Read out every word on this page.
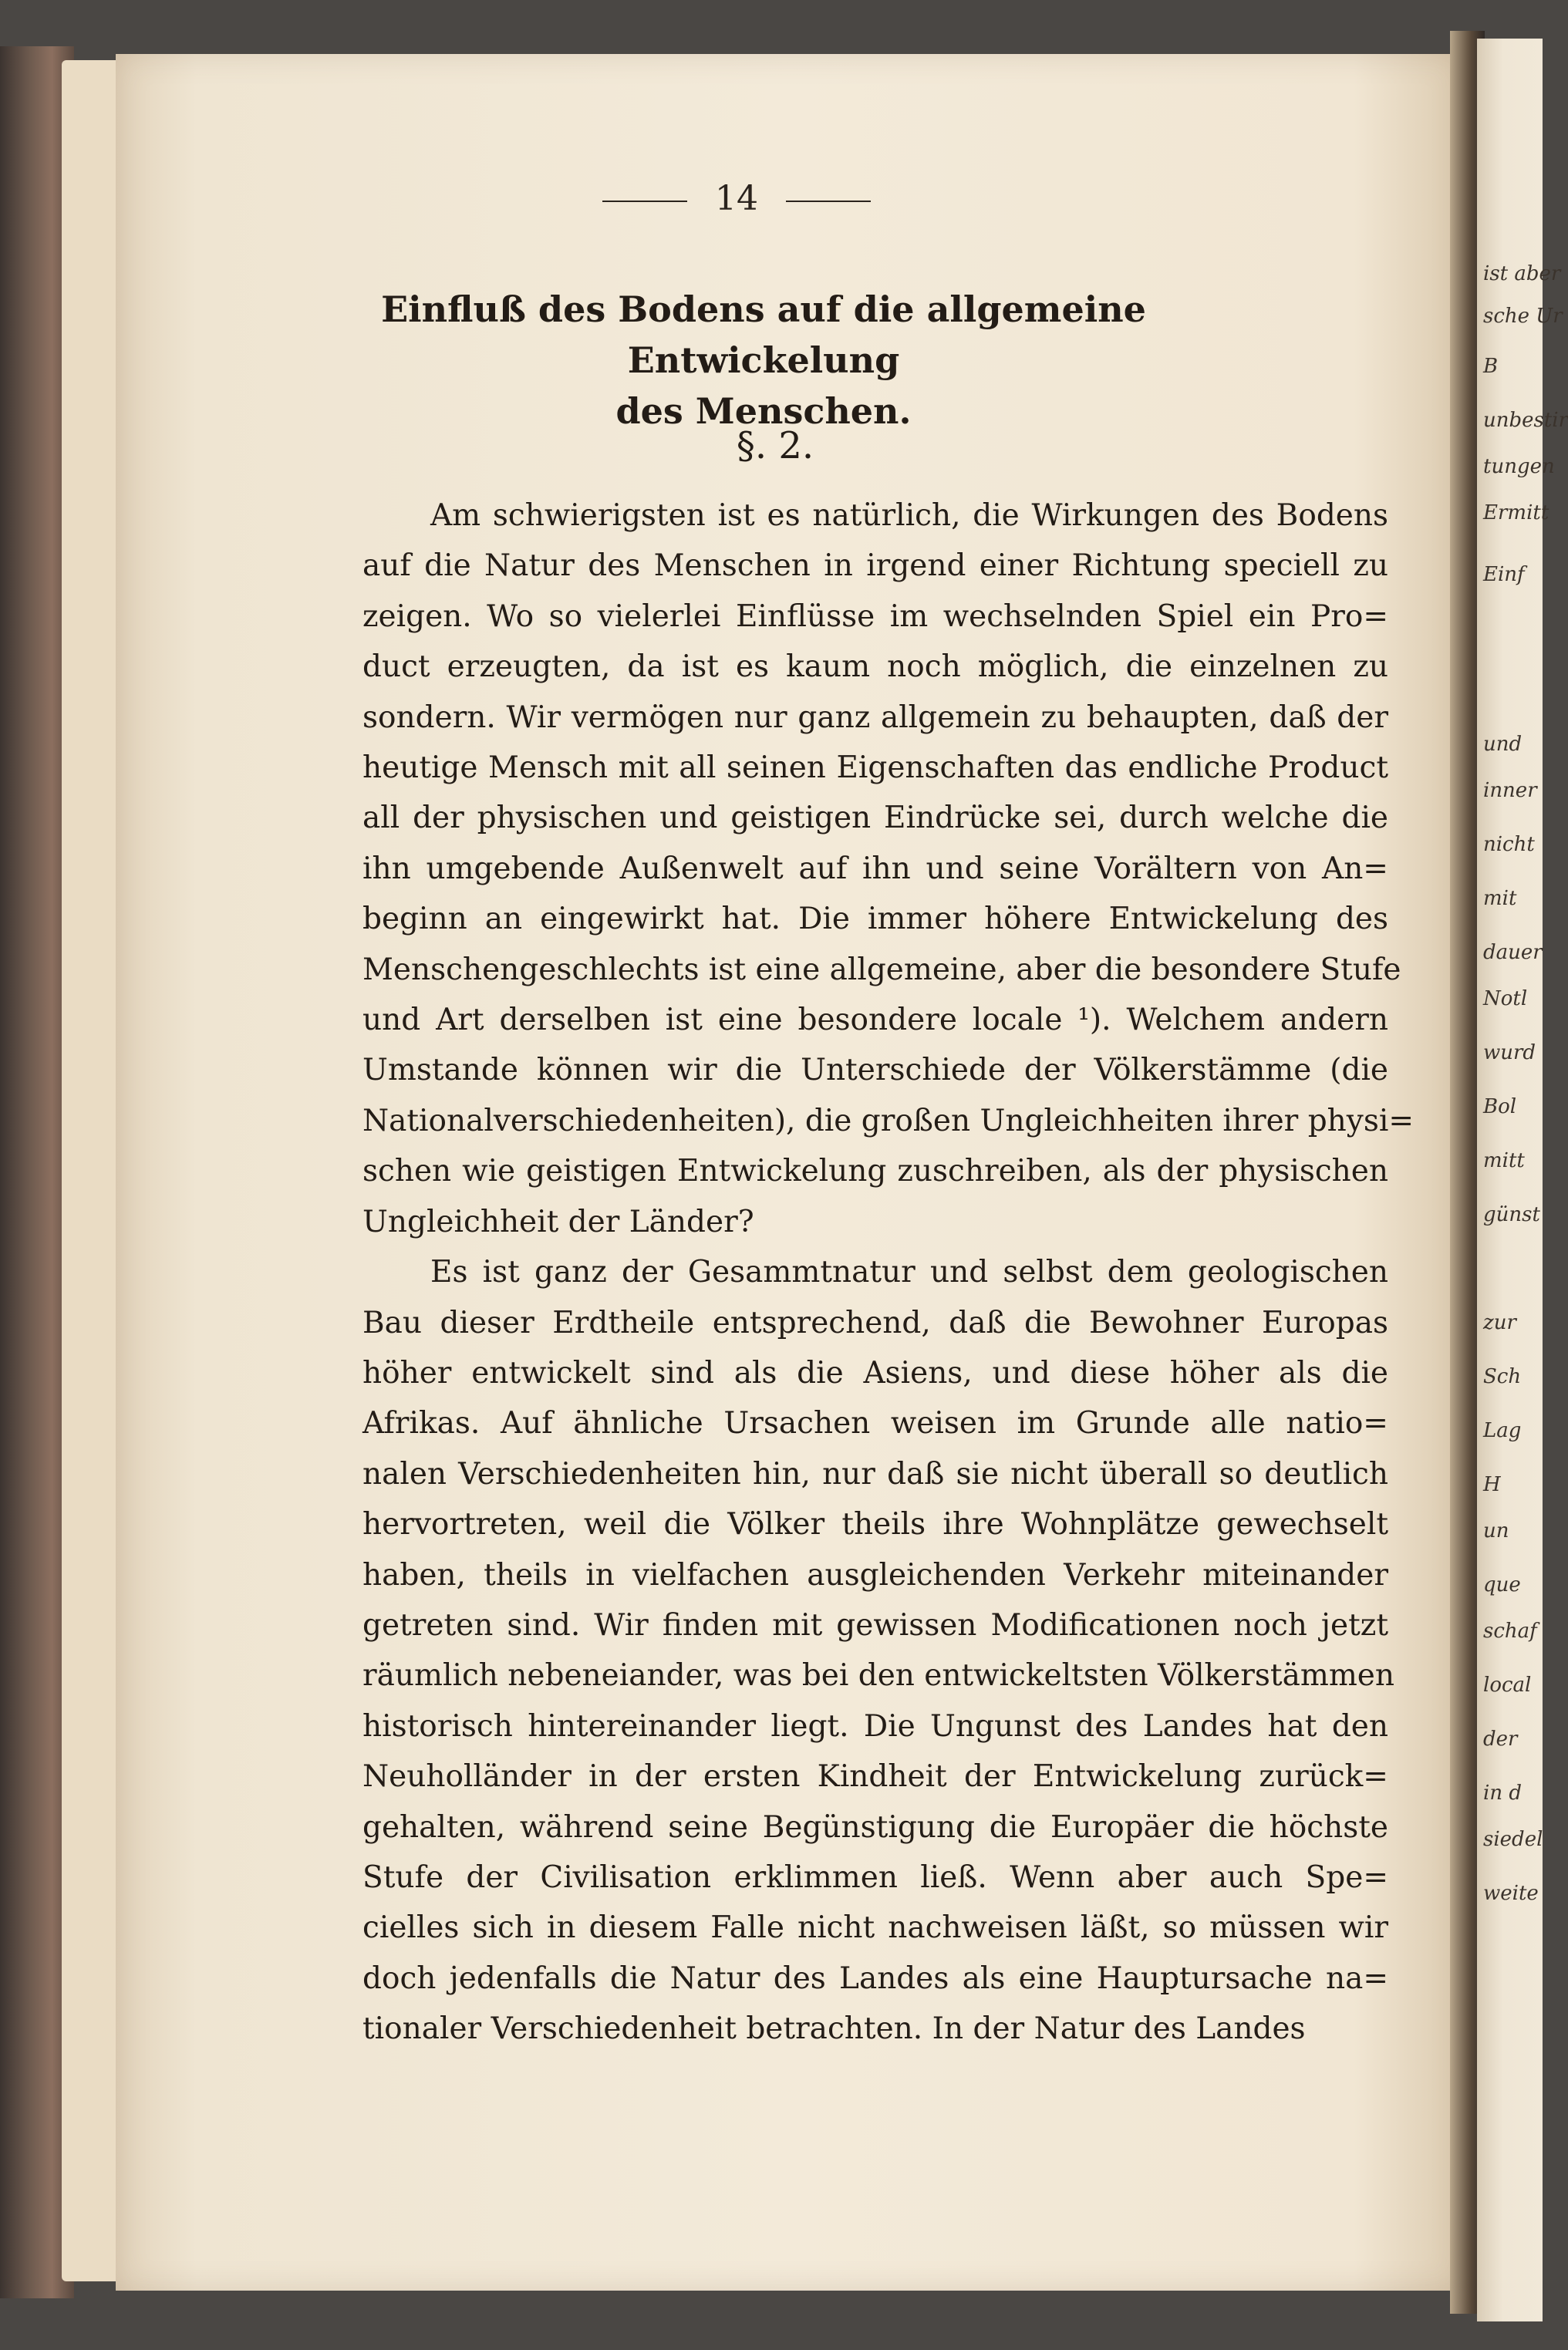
ist aber
sche Ur
B
unbestir
tungen
Ermitt
Einf
und
inner
nicht
mit
dauer
Notl
wurd
Bol
mitt
günst
zur
Sch
Lag
H
un
que
schaf
local
der
in d
siedel
weite
14
Einfluß des Bodens auf die allgemeine Entwickelung
des Menschen.
§. 2.
Am schwierigsten ist es natürlich, die Wirkungen des Bodens
auf die Natur des Menschen in irgend einer Richtung speciell zu
zeigen. Wo so vielerlei Einflüsse im wechselnden Spiel ein Pro=
duct erzeugten, da ist es kaum noch möglich, die einzelnen zu
sondern. Wir vermögen nur ganz allgemein zu behaupten, daß der
heutige Mensch mit all seinen Eigenschaften das endliche Product
all der physischen und geistigen Eindrücke sei, durch welche die
ihn umgebende Außenwelt auf ihn und seine Vorältern von An=
beginn an eingewirkt hat. Die immer höhere Entwickelung des
Menschengeschlechts ist eine allgemeine, aber die besondere Stufe
und Art derselben ist eine besondere locale ¹). Welchem andern
Umstande können wir die Unterschiede der Völkerstämme (die
Nationalverschiedenheiten), die großen Ungleichheiten ihrer physi=
schen wie geistigen Entwickelung zuschreiben, als der physischen
Ungleichheit der Länder?
Es ist ganz der Gesammtnatur und selbst dem geologischen
Bau dieser Erdtheile entsprechend, daß die Bewohner Europas
höher entwickelt sind als die Asiens, und diese höher als die
Afrikas. Auf ähnliche Ursachen weisen im Grunde alle natio=
nalen Verschiedenheiten hin, nur daß sie nicht überall so deutlich
hervortreten, weil die Völker theils ihre Wohnplätze gewechselt
haben, theils in vielfachen ausgleichenden Verkehr miteinander
getreten sind. Wir finden mit gewissen Modificationen noch jetzt
räumlich nebeneiander, was bei den entwickeltsten Völkerstämmen
historisch hintereinander liegt. Die Ungunst des Landes hat den
Neuholländer in der ersten Kindheit der Entwickelung zurück=
gehalten, während seine Begünstigung die Europäer die höchste
Stufe der Civilisation erklimmen ließ. Wenn aber auch Spe=
cielles sich in diesem Falle nicht nachweisen läßt, so müssen wir
doch jedenfalls die Natur des Landes als eine Hauptursache na=
tionaler Verschiedenheit betrachten. In der Natur des Landes
